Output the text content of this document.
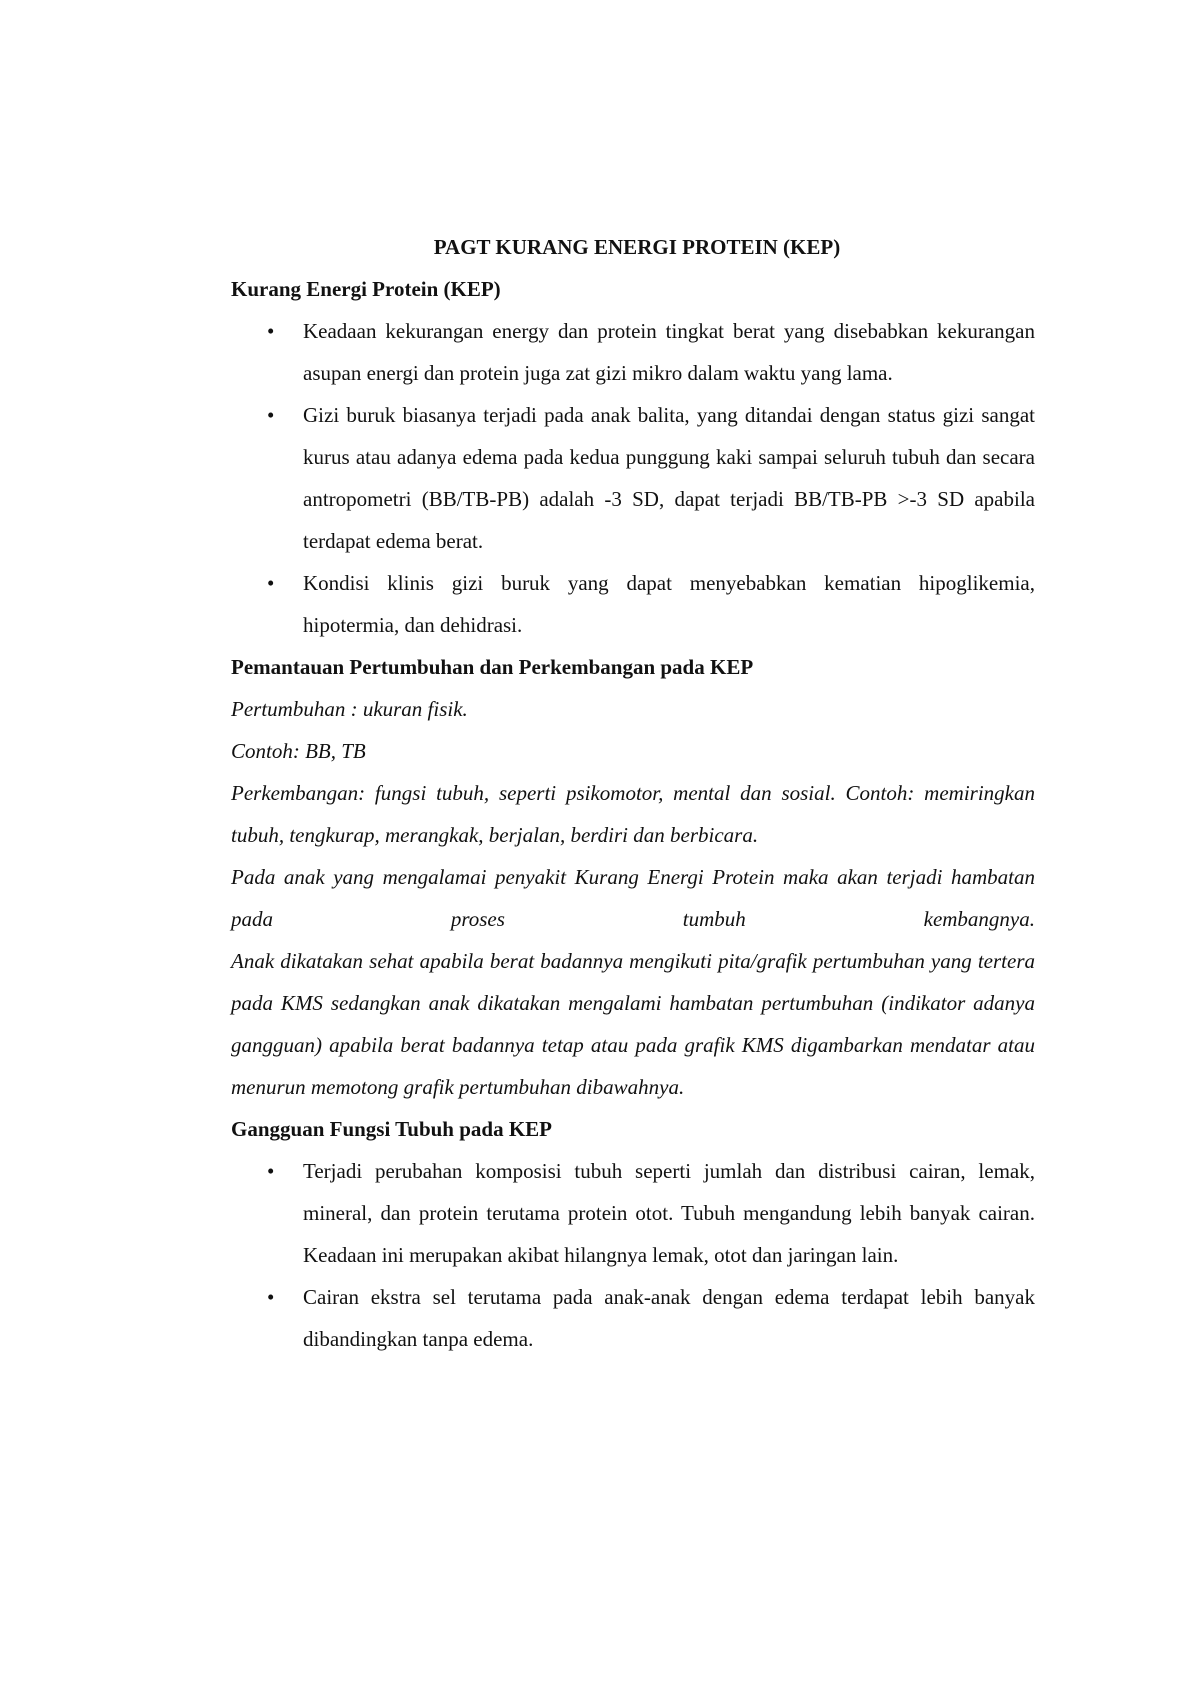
PAGT KURANG ENERGI PROTEIN (KEP)

Kurang Energi Protein (KEP)

• Keadaan kekurangan energy dan protein tingkat berat yang disebabkan kekurangan asupan energi dan protein juga zat gizi mikro dalam waktu yang lama.
• Gizi buruk biasanya terjadi pada anak balita, yang ditandai dengan status gizi sangat kurus atau adanya edema pada kedua punggung kaki sampai seluruh tubuh dan secara antropometri (BB/TB-PB) adalah -3 SD, dapat terjadi BB/TB-PB >-3 SD apabila terdapat edema berat.
• Kondisi klinis gizi buruk yang dapat menyebabkan kematian hipoglikemia, hipotermia, dan dehidrasi.

Pemantauan Pertumbuhan dan Perkembangan pada KEP

Pertumbuhan : ukuran fisik.

Contoh: BB, TB

Perkembangan: fungsi tubuh, seperti psikomotor, mental dan sosial. Contoh: memiringkan tubuh, tengkurap, merangkak, berjalan, berdiri dan berbicara.

Pada anak yang mengalamai penyakit Kurang Energi Protein maka akan terjadi hambatan pada proses tumbuh kembangnya.

Anak dikatakan sehat apabila berat badannya mengikuti pita/grafik pertumbuhan yang tertera pada KMS sedangkan anak dikatakan mengalami hambatan pertumbuhan (indikator adanya gangguan) apabila berat badannya tetap atau pada grafik KMS digambarkan mendatar atau menurun memotong grafik pertumbuhan dibawahnya.

Gangguan Fungsi Tubuh pada KEP

• Terjadi perubahan komposisi tubuh seperti jumlah dan distribusi cairan, lemak, mineral, dan protein terutama protein otot. Tubuh mengandung lebih banyak cairan. Keadaan ini merupakan akibat hilangnya lemak, otot dan jaringan lain.
• Cairan ekstra sel terutama pada anak-anak dengan edema terdapat lebih banyak dibandingkan tanpa edema.
